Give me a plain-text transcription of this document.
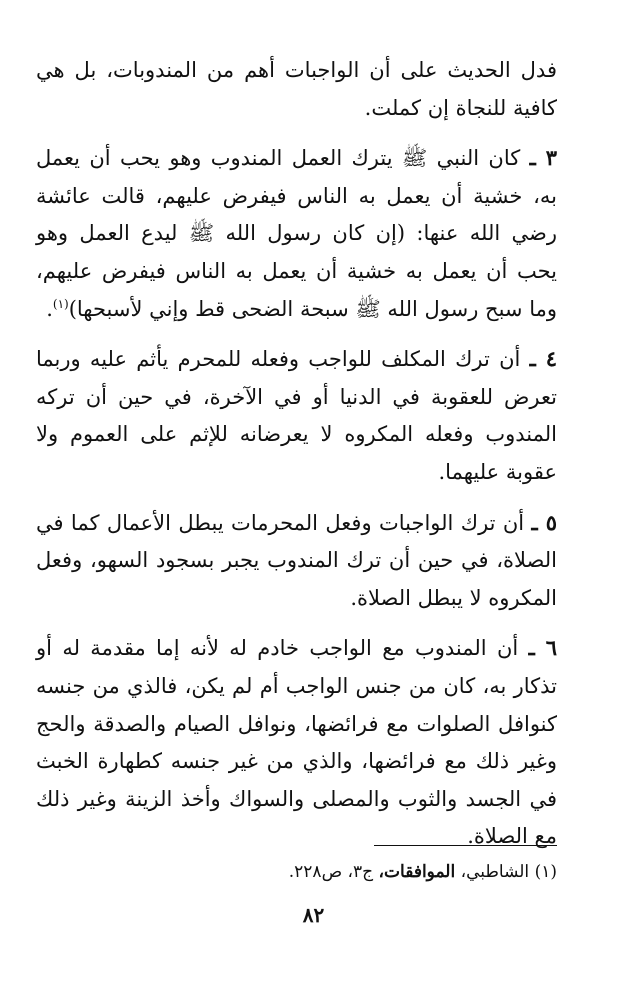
فدل الحديث على أن الواجبات أهم من المندوبات، بل هي كافية للنجاة إن كملت.

٣ ـ كان النبي ﷺ يترك العمل المندوب وهو يحب أن يعمل به، خشية أن يعمل به الناس فيفرض عليهم، قالت عائشة رضي الله عنها: (إن كان رسول الله ﷺ ليدع العمل وهو يحب أن يعمل به خشية أن يعمل به الناس فيفرض عليهم، وما سبح رسول الله ﷺ سبحة الضحى قط وإني لأسبحها)$^{(١)}$.

٤ ـ أن ترك المكلف للواجب وفعله للمحرم يأثم عليه وربما تعرض للعقوبة في الدنيا أو في الآخرة، في حين أن تركه المندوب وفعله المكروه لا يعرضانه للإثم على العموم ولا عقوبة عليهما.

٥ ـ أن ترك الواجبات وفعل المحرمات يبطل الأعمال كما في الصلاة، في حين أن ترك المندوب يجبر بسجود السهو، وفعل المكروه لا يبطل الصلاة.

٦ ـ أن المندوب مع الواجب خادم له لأنه إما مقدمة له أو تذكار به، كان من جنس الواجب أم لم يكن، فالذي من جنسه كنوافل الصلوات مع فرائضها، ونوافل الصيام والصدقة والحج وغير ذلك مع فرائضها، والذي من غير جنسه كطهارة الخبث في الجسد والثوب والمصلى والسواك وأخذ الزينة وغير ذلك مع الصلاة.

(١) الشاطبي، الموافقات، ج٣، ص٢٢٨.
٨٢
